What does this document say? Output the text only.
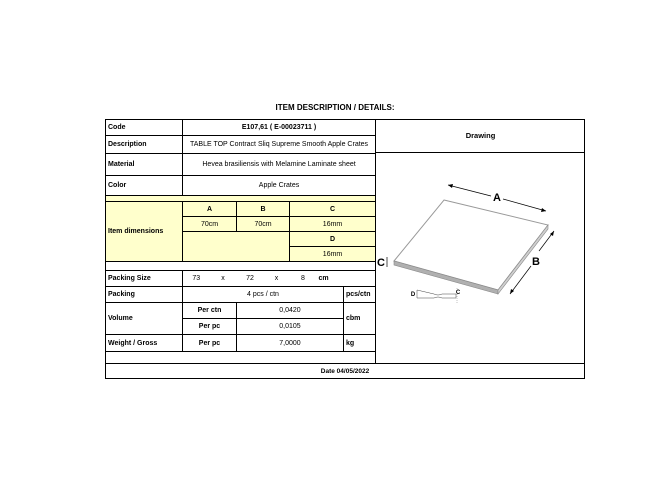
ITEM DESCRIPTION / DETAILS:
Code	E107,61 ( E-00023711 )						
Description	TABLE TOP Contract Sliq Supreme Smooth Apple Crates						
Material	Hevea brasiliensis with Melamine Laminate sheet						
Color	Apple Crates						

Item dimensions	A		B		C		
	70cm		70cm		16mm		
					D		
					16mm		

Packing Size	73	x	72	x	8	cm	
Packing	4 pcs / ctn						pcs/ctn
Volume	Per ctn		0,0420				cbm
	Per pc		0,0105				
Weight / Gross	Per pc		7,0000				kg
Drawing
A
B
C
D	C
Date 04/05/2022
